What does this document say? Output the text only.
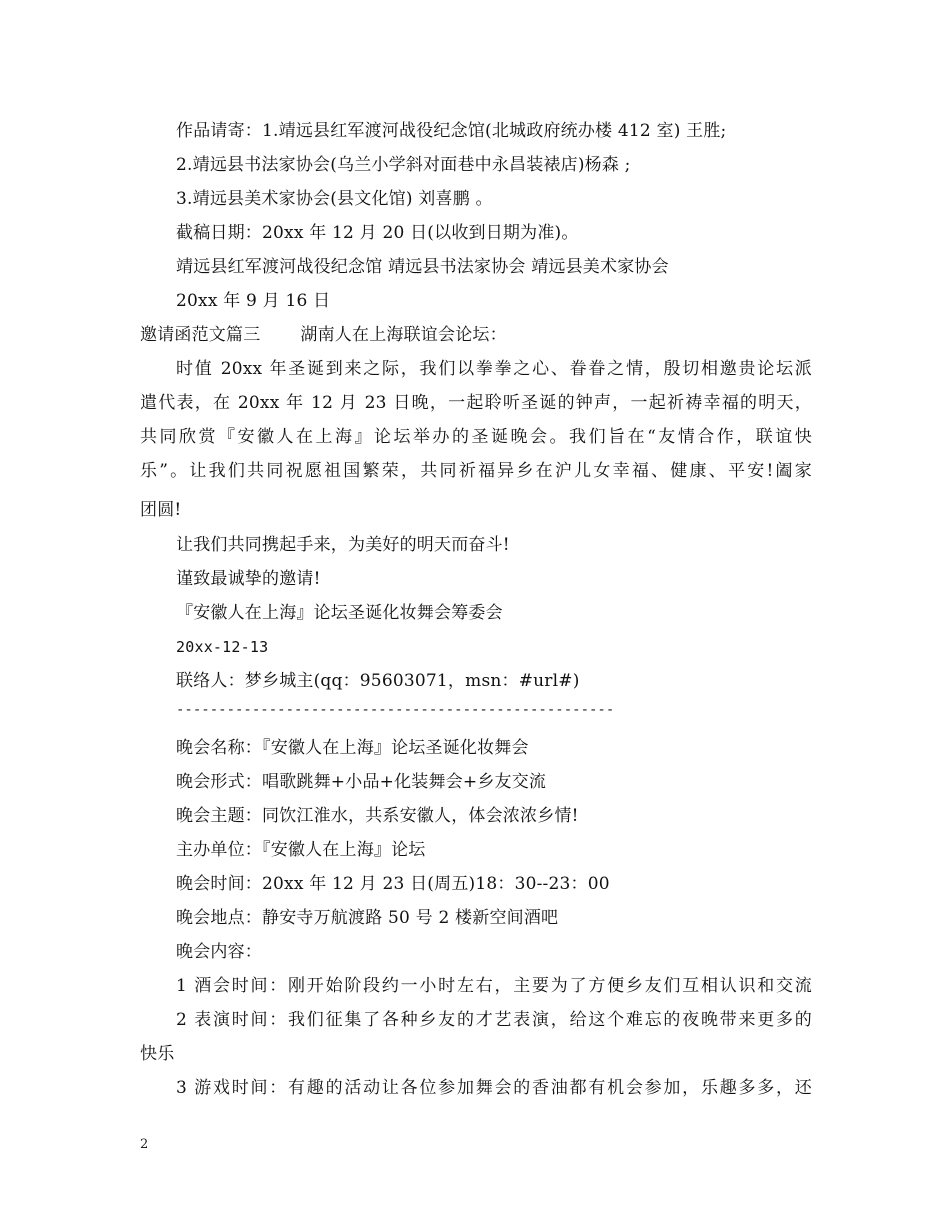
作品请寄：1.靖远县红军渡河战役纪念馆(北城政府统办楼 412 室) 王胜;
2.靖远县书法家协会(乌兰小学斜对面巷中永昌装裱店)杨森 ;
3.靖远县美术家协会(县文化馆) 刘喜鹏 。
截稿日期：20xx 年 12 月 20 日(以收到日期为准)。
靖远县红军渡河战役纪念馆 靖远县书法家协会 靖远县美术家协会
20xx 年 9 月 16 日
邀请函范文篇三 湖南人在上海联谊会论坛：
时值 20xx 年圣诞到来之际，我们以拳拳之心、眷眷之情，殷切相邀贵论坛派
遣代表，在 20xx 年 12 月 23 日晚，一起聆听圣诞的钟声，一起祈祷幸福的明天，
共同欣赏『安徽人在上海』论坛举办的圣诞晚会。我们旨在“友情合作，联谊快
乐”。让我们共同祝愿祖国繁荣，共同祈福异乡在沪儿女幸福、健康、平安!阖家
团圆!
让我们共同携起手来，为美好的明天而奋斗!
谨致最诚挚的邀请!
『安徽人在上海』论坛圣诞化妆舞会筹委会
20xx-12-13
联络人：梦乡城主(qq：95603071，msn：#url#)
----------------------------------------------------
晚会名称：『安徽人在上海』论坛圣诞化妆舞会
晚会形式：唱歌跳舞+小品+化装舞会+乡友交流
晚会主题：同饮江淮水，共系安徽人，体会浓浓乡情!
主办单位：『安徽人在上海』论坛
晚会时间：20xx 年 12 月 23 日(周五)18：30--23：00
晚会地点：静安寺万航渡路 50 号 2 楼新空间酒吧
晚会内容：
1 酒会时间：刚开始阶段约一小时左右，主要为了方便乡友们互相认识和交流
2 表演时间：我们征集了各种乡友的才艺表演，给这个难忘的夜晚带来更多的
快乐
3 游戏时间：有趣的活动让各位参加舞会的香油都有机会参加，乐趣多多，还
2
